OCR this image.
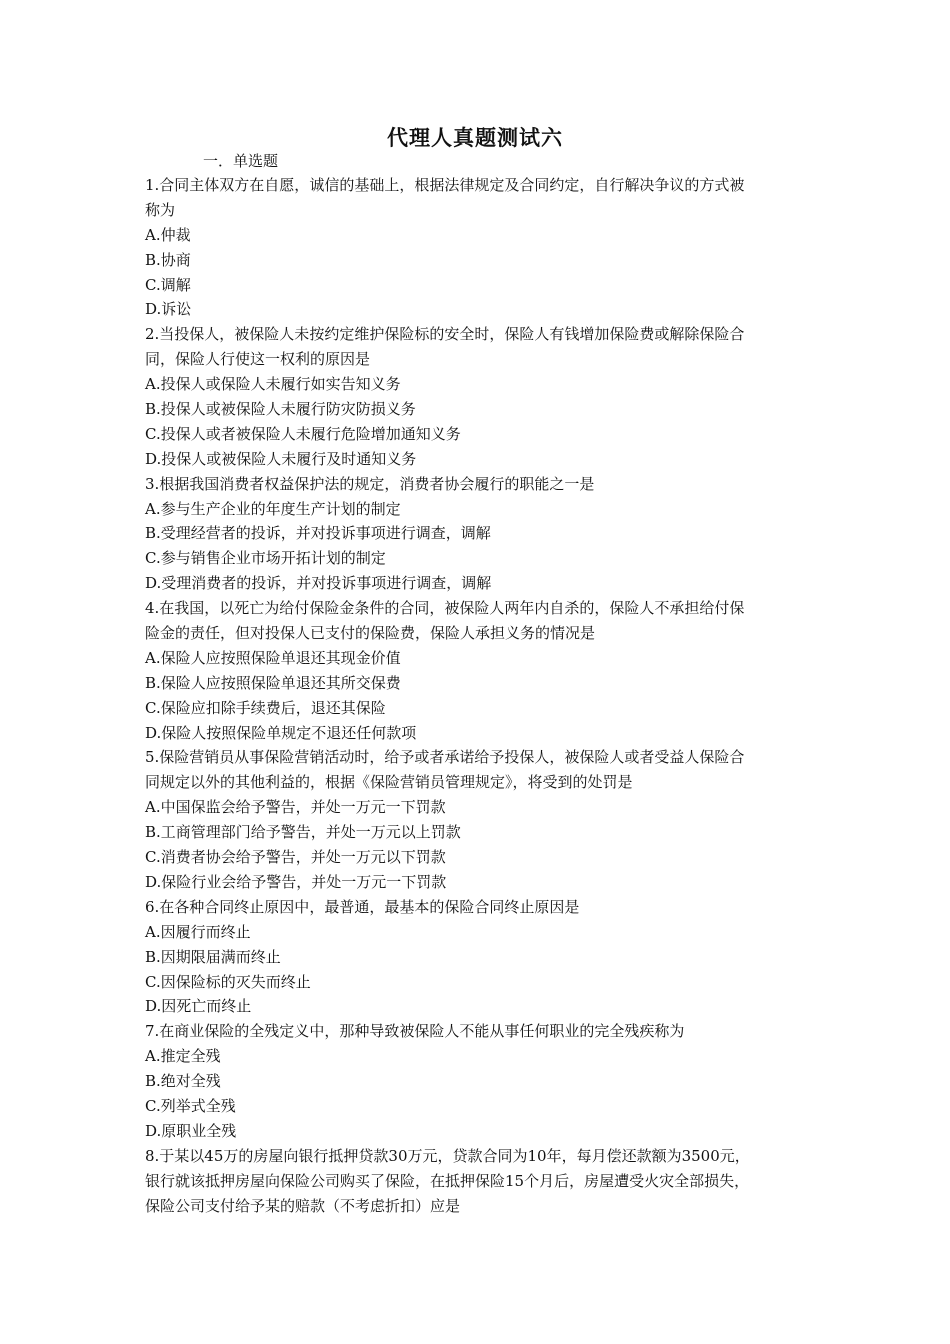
代理人真题测试六
一．单选题
1.合同主体双方在自愿，诚信的基础上，根据法律规定及合同约定，自行解决争议的方式被
称为
A.仲裁
B.协商
C.调解
D.诉讼
2.当投保人，被保险人未按约定维护保险标的安全时，保险人有钱增加保险费或解除保险合
同，保险人行使这一权利的原因是
A.投保人或保险人未履行如实告知义务
B.投保人或被保险人未履行防灾防损义务
C.投保人或者被保险人未履行危险增加通知义务
D.投保人或被保险人未履行及时通知义务
3.根据我国消费者权益保护法的规定，消费者协会履行的职能之一是
A.参与生产企业的年度生产计划的制定
B.受理经营者的投诉，并对投诉事项进行调查，调解
C.参与销售企业市场开拓计划的制定
D.受理消费者的投诉，并对投诉事项进行调查，调解
4.在我国，以死亡为给付保险金条件的合同，被保险人两年内自杀的，保险人不承担给付保
险金的责任，但对投保人已支付的保险费，保险人承担义务的情况是
A.保险人应按照保险单退还其现金价值
B.保险人应按照保险单退还其所交保费
C.保险应扣除手续费后，退还其保险
D.保险人按照保险单规定不退还任何款项
5.保险营销员从事保险营销活动时，给予或者承诺给予投保人，被保险人或者受益人保险合
同规定以外的其他利益的，根据《保险营销员管理规定》，将受到的处罚是
A.中国保监会给予警告，并处一万元一下罚款
B.工商管理部门给予警告，并处一万元以上罚款
C.消费者协会给予警告，并处一万元以下罚款
D.保险行业会给予警告，并处一万元一下罚款
6.在各种合同终止原因中，最普通，最基本的保险合同终止原因是
A.因履行而终止
B.因期限届满而终止
C.因保险标的灭失而终止
D.因死亡而终止
7.在商业保险的全残定义中，那种导致被保险人不能从事任何职业的完全残疾称为
A.推定全残
B.绝对全残
C.列举式全残
D.原职业全残
8.于某以45万的房屋向银行抵押贷款30万元，贷款合同为10年，每月偿还款额为3500元，
银行就该抵押房屋向保险公司购买了保险，在抵押保险15个月后，房屋遭受火灾全部损失，
保险公司支付给予某的赔款（不考虑折扣）应是
